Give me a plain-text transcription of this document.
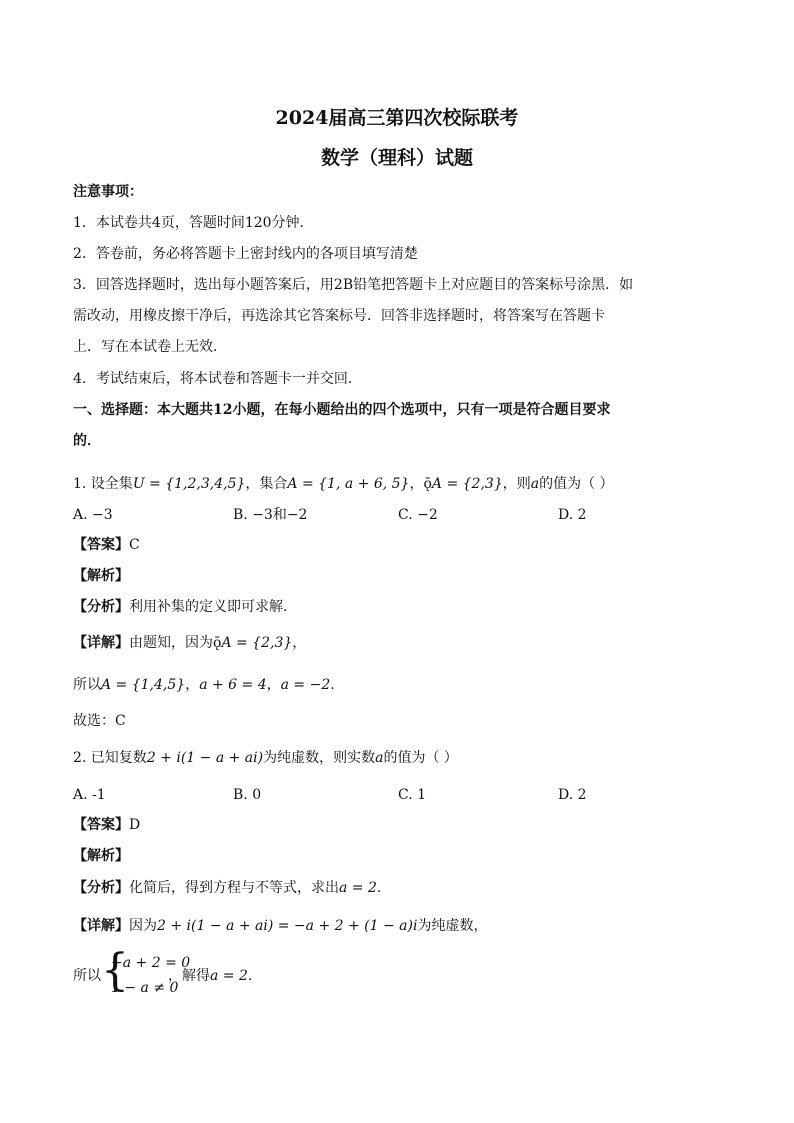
2024届高三第四次校际联考
数学（理科）试题
注意事项：
1．本试卷共4页，答题时间120分钟．
2．答卷前，务必将答题卡上密封线内的各项目填写清楚
3．回答选择题时，选出每小题答案后，用2B铅笔把答题卡上对应题目的答案标号涂黑．如
需改动，用橡皮擦干净后，再选涂其它答案标号．回答非选择题时，将答案写在答题卡
上．写在本试卷上无效．
4．考试结束后，将本试卷和答题卡一并交回．
一、选择题：本大题共12小题，在每小题给出的四个选项中，只有一项是符合题目要求
的．
1. 设全集U = {1,2,3,4,5}，集合A = {1, a + 6, 5}，ǭA = {2,3}，则a的值为（ ）
A. −3	B. −3和−2	C. −2	D. 2
【答案】C
【解析】
【分析】利用补集的定义即可求解.
【详解】由题知，因为ǭA = {2,3}，
所以A = {1,4,5}，a + 6 = 4，a = −2.
故选：C
2. 已知复数2 + i(1 − a + ai)为纯虚数，则实数a的值为（ ）
A. -1	B. 0	C. 1	D. 2
【答案】D
【解析】
【分析】化简后，得到方程与不等式，求出a = 2.
【详解】因为2 + i(1 − a + ai) = −a + 2 + (1 − a)i为纯虚数，
所以 {
−a + 2 = 0
1 − a ≠ 0
，解得a = 2.
